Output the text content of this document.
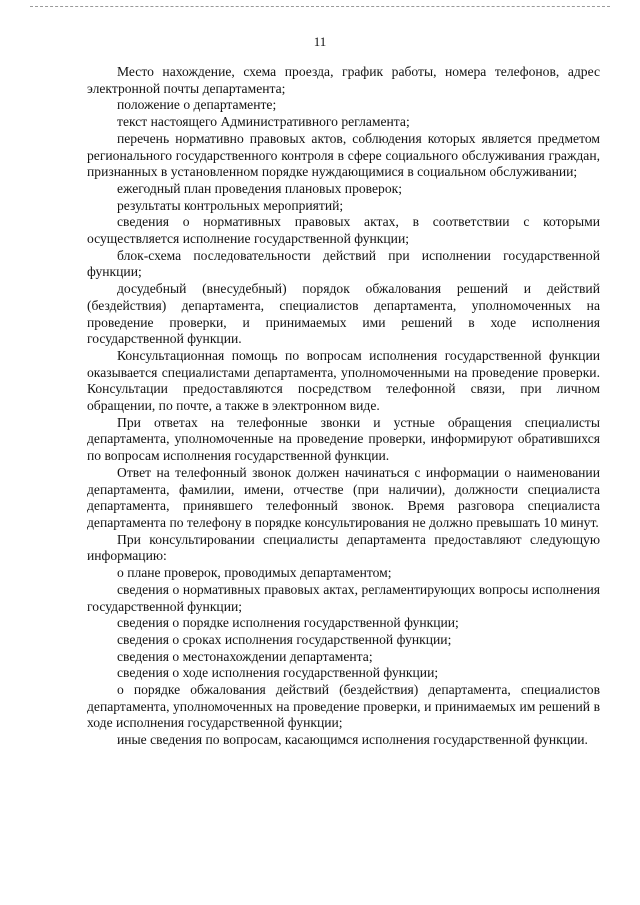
11

Место нахождение, схема проезда, график работы, номера телефонов, адрес электронной почты департамента;

положение о департаменте;

текст настоящего Административного регламента;

перечень нормативно правовых актов, соблюдения которых является предметом регионального государственного контроля в сфере социального обслуживания граждан, признанных в установленном порядке нуждающимися в социальном обслуживании;

ежегодный план проведения плановых проверок;

результаты контрольных мероприятий;

сведения о нормативных правовых актах, в соответствии с которыми осуществляется исполнение государственной функции;

блок-схема последовательности действий при исполнении государственной функции;

досудебный (внесудебный) порядок обжалования решений и действий (бездействия) департамента, специалистов департамента, уполномоченных на проведение проверки, и принимаемых ими решений в ходе исполнения государственной функции.

Консультационная помощь по вопросам исполнения государственной функции оказывается специалистами департамента, уполномоченными на проведение проверки. Консультации предоставляются посредством телефонной связи, при личном обращении, по почте, а также в электронном виде.

При ответах на телефонные звонки и устные обращения специалисты департамента, уполномоченные на проведение проверки, информируют обратившихся по вопросам исполнения государственной функции.

Ответ на телефонный звонок должен начинаться с информации о наименовании департамента, фамилии, имени, отчестве (при наличии), должности специалиста департамента, принявшего телефонный звонок. Время разговора специалиста департамента по телефону в порядке консультирования не должно превышать 10 минут.

При консультировании специалисты департамента предоставляют следующую информацию:

о плане проверок, проводимых департаментом;

сведения о нормативных правовых актах, регламентирующих вопросы исполнения государственной функции;

сведения о порядке исполнения государственной функции;

сведения о сроках исполнения государственной функции;

сведения о местонахождении департамента;

сведения о ходе исполнения государственной функции;

о порядке обжалования действий (бездействия) департамента, специалистов департамента, уполномоченных на проведение проверки, и принимаемых им решений в ходе исполнения государственной функции;

иные сведения по вопросам, касающимся исполнения государственной функции.
